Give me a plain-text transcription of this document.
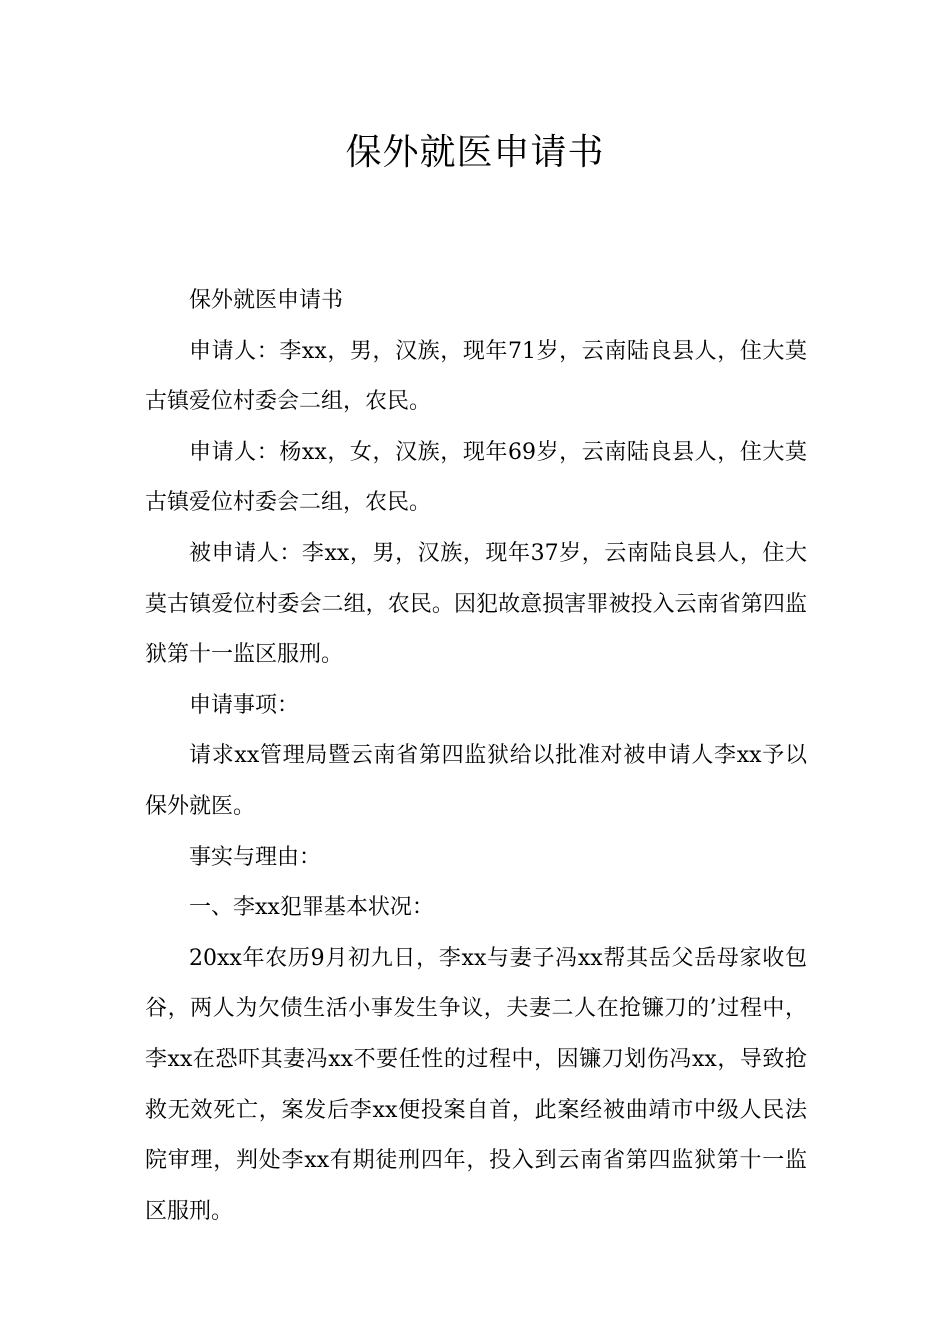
保外就医申请书

保外就医申请书

申请人：李xx，男，汉族，现年71岁，云南陆良县人，住大莫古镇爱位村委会二组，农民。

申请人：杨xx，女，汉族，现年69岁，云南陆良县人，住大莫古镇爱位村委会二组，农民。

被申请人：李xx，男，汉族，现年37岁，云南陆良县人，住大莫古镇爱位村委会二组，农民。因犯故意损害罪被投入云南省第四监狱第十一监区服刑。

申请事项：

请求xx管理局暨云南省第四监狱给以批准对被申请人李xx予以保外就医。

事实与理由：

一、李xx犯罪基本状况：

20xx年农历9月初九日，李xx与妻子冯xx帮其岳父岳母家收包谷，两人为欠债生活小事发生争议，夫妻二人在抢镰刀的’过程中，李xx在恐吓其妻冯xx不要任性的过程中，因镰刀划伤冯xx，导致抢救无效死亡，案发后李xx便投案自首，此案经被曲靖市中级人民法院审理，判处李xx有期徒刑四年，投入到云南省第四监狱第十一监区服刑。
